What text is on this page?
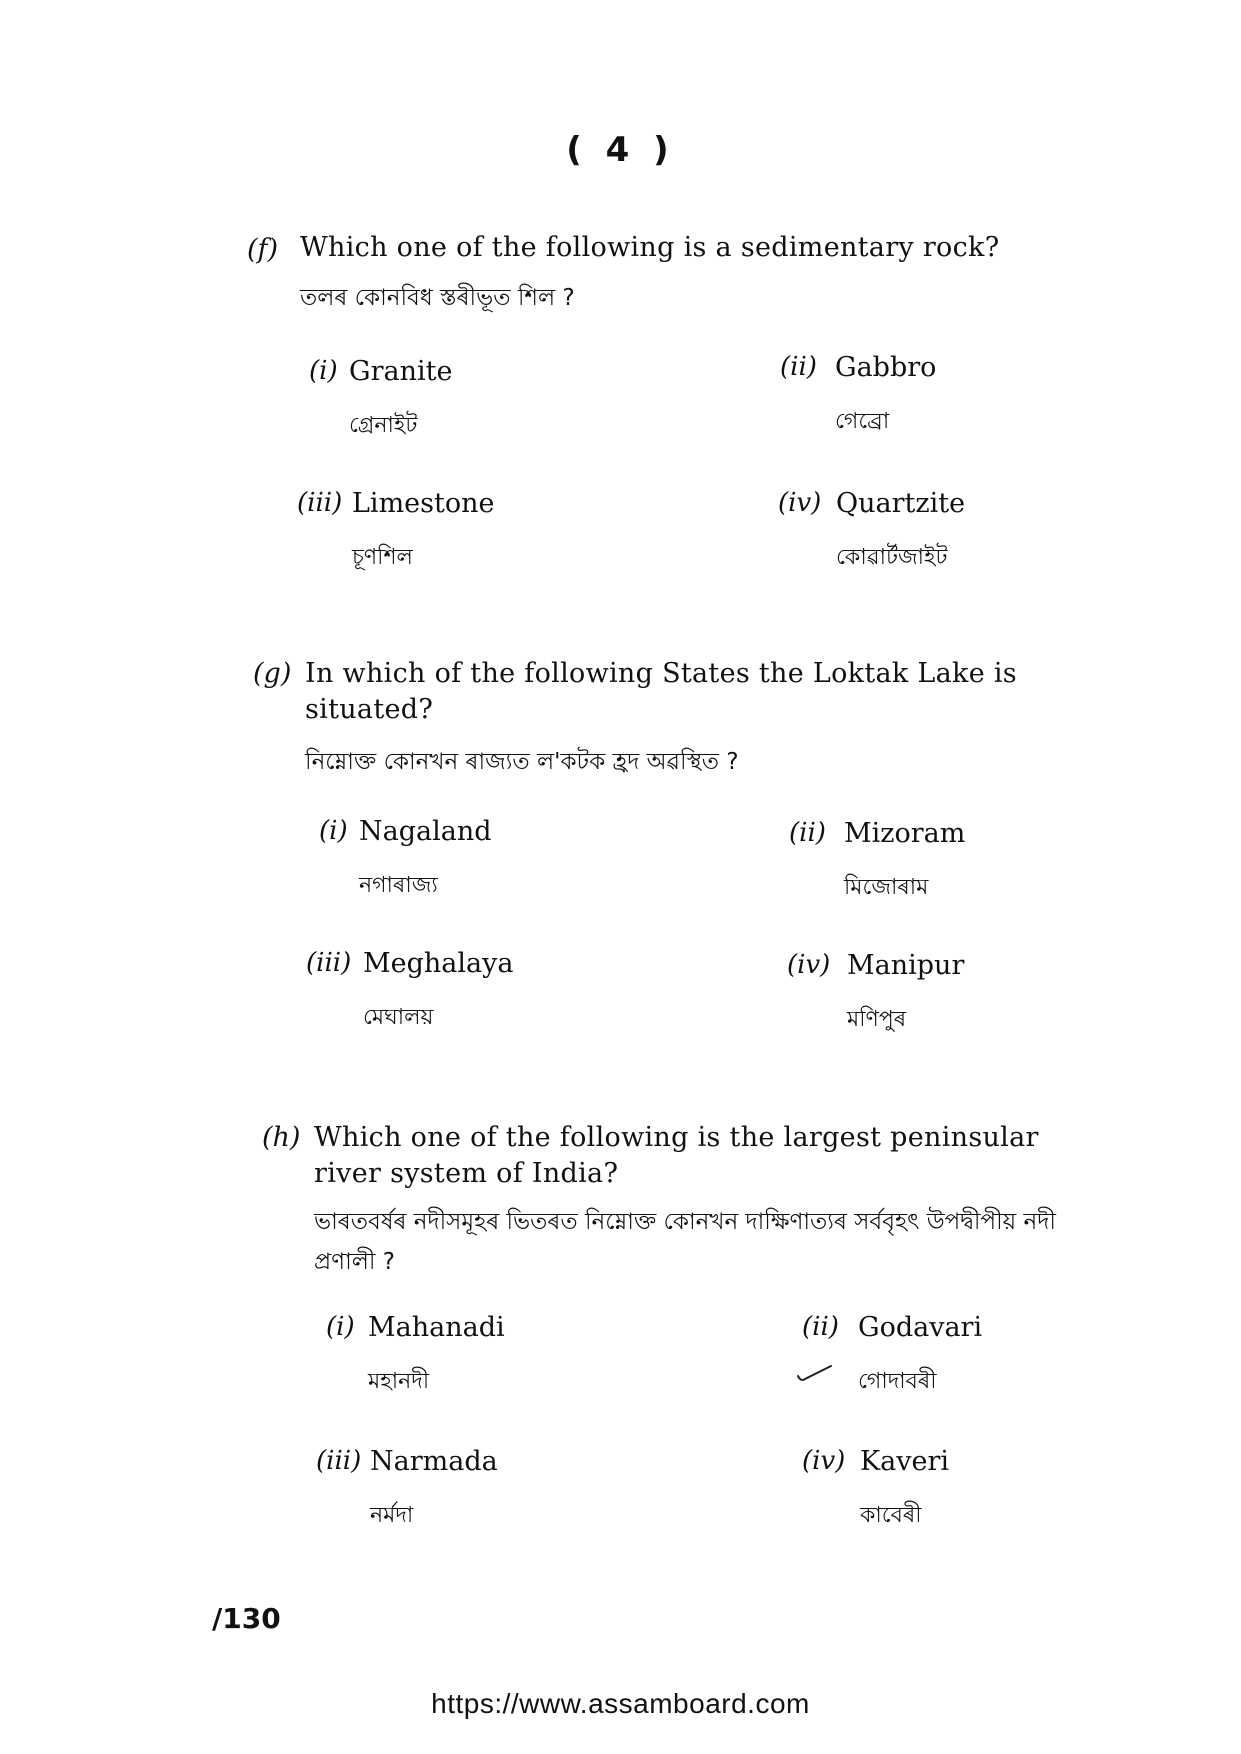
( 4 )
(f) Which one of the following is a sedimentary rock?
তলৰ কোনবিধ স্তৰীভূত শিল ?
(i) Granite
গ্ৰেনাইট
(ii) Gabbro
গেব্ৰো
(iii) Limestone
চূণশিল
(iv) Quartzite
কোৱাৰ্টজাইট
(g) In which of the following States the Loktak Lake is situated?
নিম্নোক্ত কোনখন ৰাজ্যত ল'কটক হ্ৰদ অৱস্থিত ?
(i) Nagaland
নগাৰাজ্য
(ii) Mizoram
মিজোৰাম
(iii) Meghalaya
মেঘালয়
(iv) Manipur
মণিপুৰ
(h) Which one of the following is the largest peninsular river system of India?
ভাৰতবৰ্ষৰ নদীসমূহৰ ভিতৰত নিম্নোক্ত কোনখন দাক্ষিণাত্যৰ সৰ্ববৃহৎ উপদ্বীপীয় নদী প্ৰণালী ?
(i) Mahanadi
মহানদী
(ii) Godavari
গোদাবৰী
(iii) Narmada
নৰ্মদা
(iv) Kaveri
কাবেৰী
/130
https://www.assamboard.com
